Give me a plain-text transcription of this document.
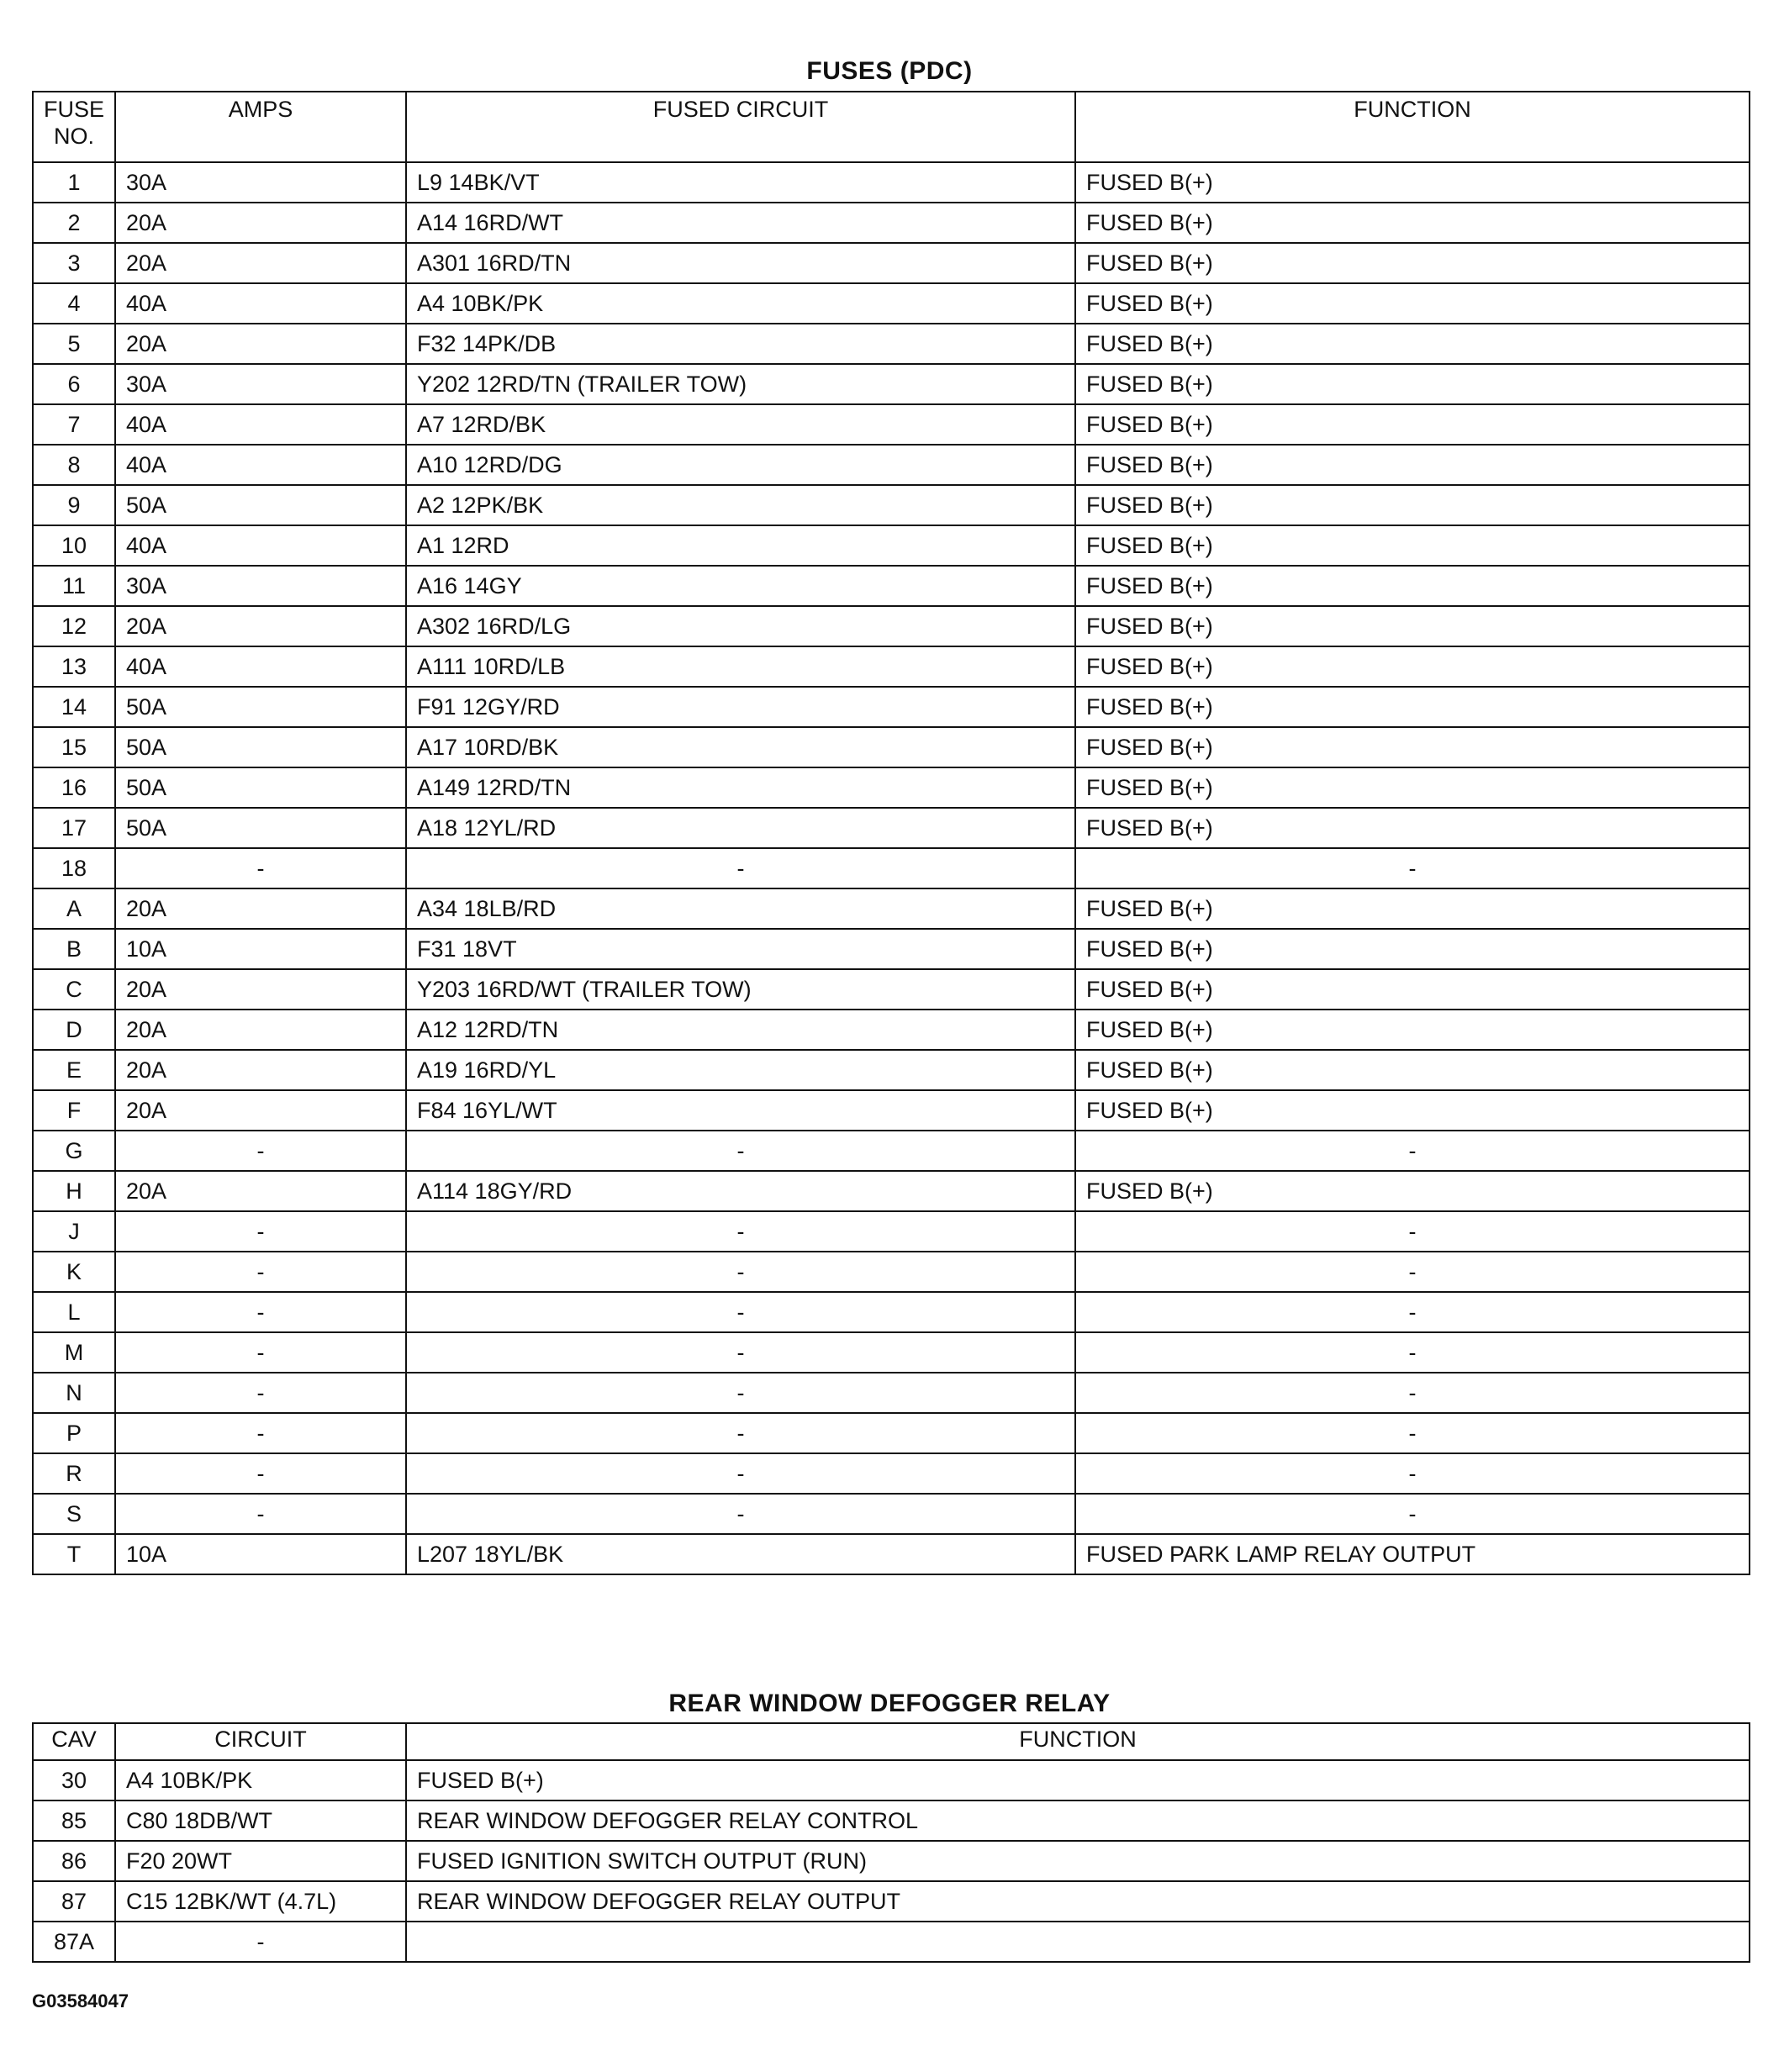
FUSES (PDC)
FUSE
NO.	AMPS	FUSED CIRCUIT	FUNCTION
1	30A	L9 14BK/VT	FUSED B(+)
2	20A	A14 16RD/WT	FUSED B(+)
3	20A	A301 16RD/TN	FUSED B(+)
4	40A	A4 10BK/PK	FUSED B(+)
5	20A	F32 14PK/DB	FUSED B(+)
6	30A	Y202 12RD/TN (TRAILER TOW)	FUSED B(+)
7	40A	A7 12RD/BK	FUSED B(+)
8	40A	A10 12RD/DG	FUSED B(+)
9	50A	A2 12PK/BK	FUSED B(+)
10	40A	A1 12RD	FUSED B(+)
11	30A	A16 14GY	FUSED B(+)
12	20A	A302 16RD/LG	FUSED B(+)
13	40A	A111 10RD/LB	FUSED B(+)
14	50A	F91 12GY/RD	FUSED B(+)
15	50A	A17 10RD/BK	FUSED B(+)
16	50A	A149 12RD/TN	FUSED B(+)
17	50A	A18 12YL/RD	FUSED B(+)
18	-	-	-
A	20A	A34 18LB/RD	FUSED B(+)
B	10A	F31 18VT	FUSED B(+)
C	20A	Y203 16RD/WT (TRAILER TOW)	FUSED B(+)
D	20A	A12 12RD/TN	FUSED B(+)
E	20A	A19 16RD/YL	FUSED B(+)
F	20A	F84 16YL/WT	FUSED B(+)
G	-	-	-
H	20A	A114 18GY/RD	FUSED B(+)
J	-	-	-
K	-	-	-
L	-	-	-
M	-	-	-
N	-	-	-
P	-	-	-
R	-	-	-
S	-	-	-
T	10A	L207 18YL/BK	FUSED PARK LAMP RELAY OUTPUT
REAR WINDOW DEFOGGER RELAY
CAV	CIRCUIT	FUNCTION
30	A4 10BK/PK	FUSED B(+)
85	C80 18DB/WT	REAR WINDOW DEFOGGER RELAY CONTROL
86	F20 20WT	FUSED IGNITION SWITCH OUTPUT (RUN)
87	C15 12BK/WT (4.7L)	REAR WINDOW DEFOGGER RELAY OUTPUT
87A	-	
G03584047
